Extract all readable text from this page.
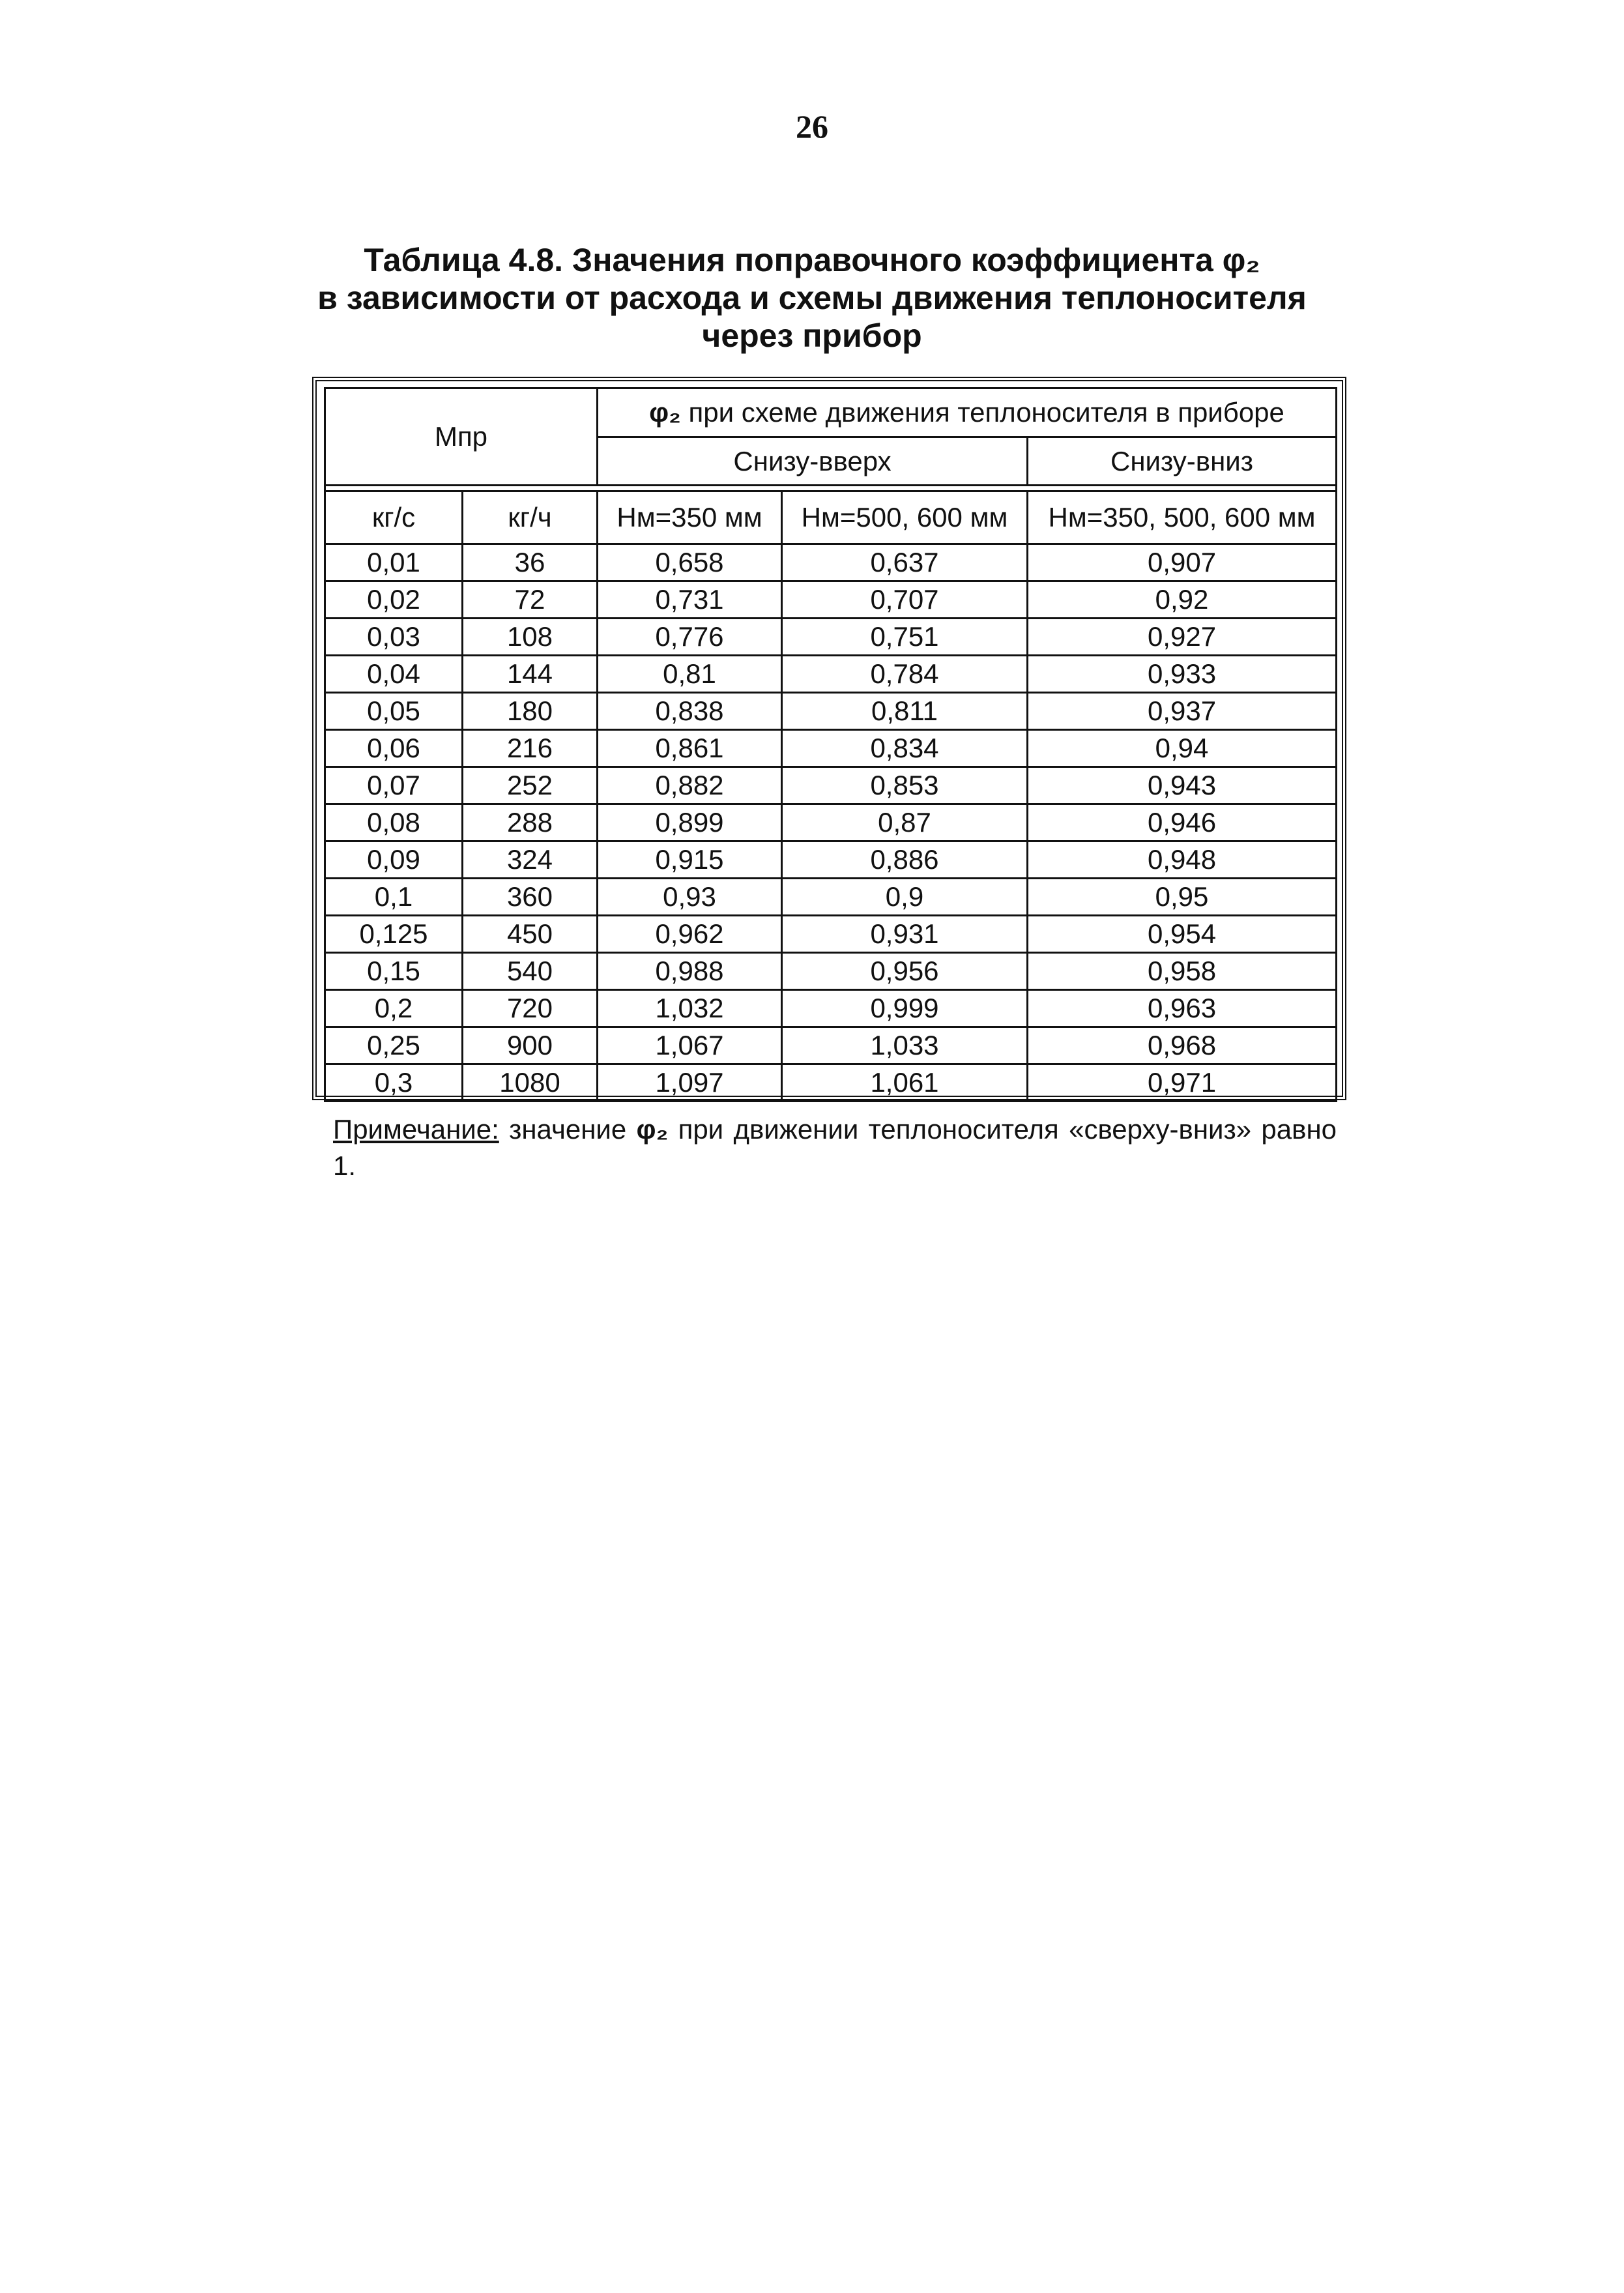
26
Таблица 4.8. Значения поправочного коэффициента φ₂
в зависимости от расхода и схемы движения теплоносителя
через прибор
Mпр		φ₂ при схеме движения теплоносителя в приборе		
		Снизу-вверх		Снизу-вниз

кг/с	кг/ч	Hм=350 мм	Hм=500, 600 мм	Hм=350, 500, 600 мм
0,01	36	0,658	0,637	0,907
0,02	72	0,731	0,707	0,92
0,03	108	0,776	0,751	0,927
0,04	144	0,81	0,784	0,933
0,05	180	0,838	0,811	0,937
0,06	216	0,861	0,834	0,94
0,07	252	0,882	0,853	0,943
0,08	288	0,899	0,87	0,946
0,09	324	0,915	0,886	0,948
0,1	360	0,93	0,9	0,95
0,125	450	0,962	0,931	0,954
0,15	540	0,988	0,956	0,958
0,2	720	1,032	0,999	0,963
0,25	900	1,067	1,033	0,968
0,3	1080	1,097	1,061	0,971
Примечание: значение φ₂ при движении теплоносителя «сверху-вниз» равно 1.
